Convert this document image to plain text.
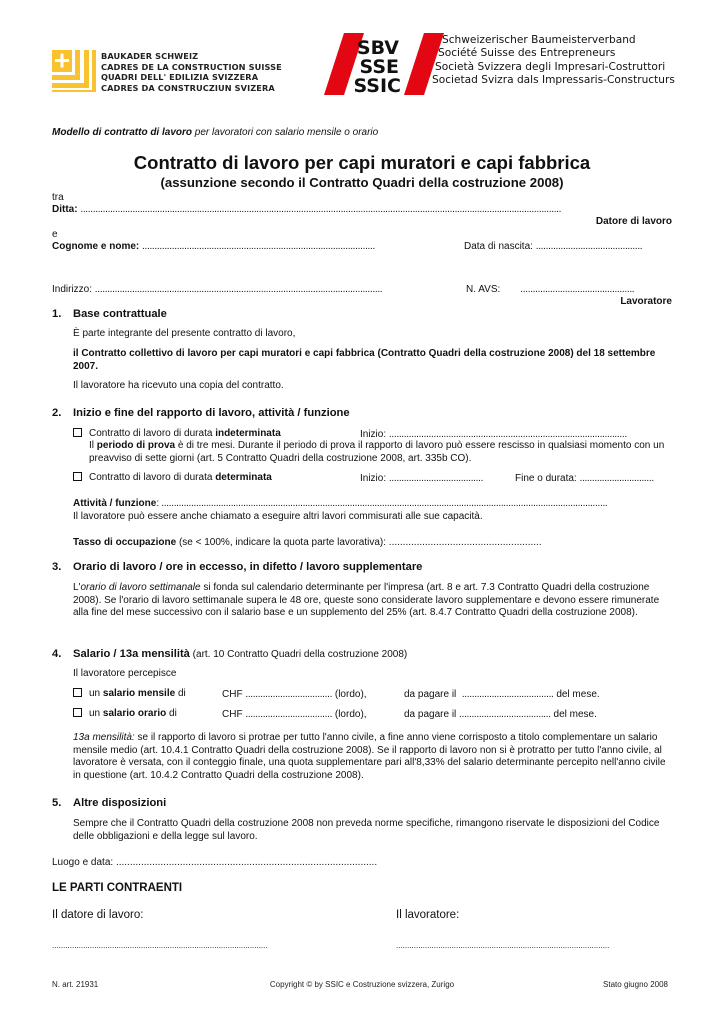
BAUKADER SCHWEIZ
CADRES DE LA CONSTRUCTION SUISSE
QUADRI DELL' EDILIZIA SVIZZERA
CADRES DA CONSTRUCZIUN SVIZERA
SBV
SSE
SSIC
Schweizerischer Baumeisterverband
Société Suisse des Entrepreneurs
Società Svizzera degli Impresari-Costruttori
Societad Svizra dals Impressaris-Constructurs
Modello di contratto di lavoro per lavoratori con salario mensile o orario
Contratto di lavoro per capi muratori e capi fabbrica
(assunzione secondo il Contratto Quadri della costruzione 2008)
tra
Ditta: ..................................................................................................................................................................................................
Datore di lavoro
e
Cognome e nome: ..............................................................................................	Data di nascita: ...........................................
Indirizzo: ....................................................................................................................	N. AVS: ..............................................
Lavoratore
1. Base contrattuale
È parte integrante del presente contratto di lavoro,
il Contratto collettivo di lavoro per capi muratori e capi fabbrica (Contratto Quadri della costruzione 2008) del 18 settembre 2007.
Il lavoratore ha ricevuto una copia del contratto.
2. Inizio e fine del rapporto di lavoro, attività / funzione
Contratto di lavoro di durata indeterminata	Inizio: ................................................................................................
Il periodo di prova è di tre mesi. Durante il periodo di prova il rapporto di lavoro può essere rescisso in qualsiasi momento con un preavviso di sette giorni (art. 5 Contratto Quadri della costruzione 2008, art. 335b CO).
Contratto di lavoro di durata determinata	Inizio: ......................................	Fine o durata: ..............................
Attività / funzione: ....................................................................................................................................................................................
Il lavoratore può essere anche chiamato a eseguire altri lavori commisurati alle sue capacità.
Tasso di occupazione (se < 100%, indicare la quota parte lavorativa): .......................................................
3. Orario di lavoro / ore in eccesso, in difetto / lavoro supplementare
L'orario di lavoro settimanale si fonda sul calendario determinante per l'impresa (art. 8 e art. 7.3 Contratto Quadri della costruzione 2008). Se l'orario di lavoro settimanale supera le 48 ore, queste sono considerate lavoro supplementare e devono essere rimunerate alla fine del mese successivo con il salario base e un supplemento del 25% (art. 8.4.7 Contratto Quadri della costruzione 2008).
4. Salario / 13a mensilità (art. 10 Contratto Quadri della costruzione 2008)
Il lavoratore percepisce
un salario mensile di	CHF ................................... (lordo),	da pagare il ..................................... del mese.
un salario orario di	CHF ................................... (lordo),	da pagare il ..................................... del mese.
13a mensilità: se il rapporto di lavoro si protrae per tutto l'anno civile, a fine anno viene corrisposto a titolo complementare un salario mensile medio (art. 10.4.1 Contratto Quadri della costruzione 2008). Se il rapporto di lavoro non si è protratto per tutto l'anno civile, al lavoratore è versata, con il conteggio finale, una quota supplementare pari all'8,33% del salario determinante percepito nell'anno civile in questione (art. 10.4.2 Contratto Quadri della costruzione 2008).
5. Altre disposizioni
Sempre che il Contratto Quadri della costruzione 2008 non preveda norme specifiche, rimangono riservate le disposizioni del Codice delle obbligazioni e della legge sul lavoro.
Luogo e data: ..............................................................................................
LE PARTI CONTRAENTI
Il datore di lavoro:	Il lavoratore:
.................................................................................................	................................................................................................
N. art. 21931	Copyright © by SSIC e Costruzione svizzera, Zurigo	Stato giugno 2008
